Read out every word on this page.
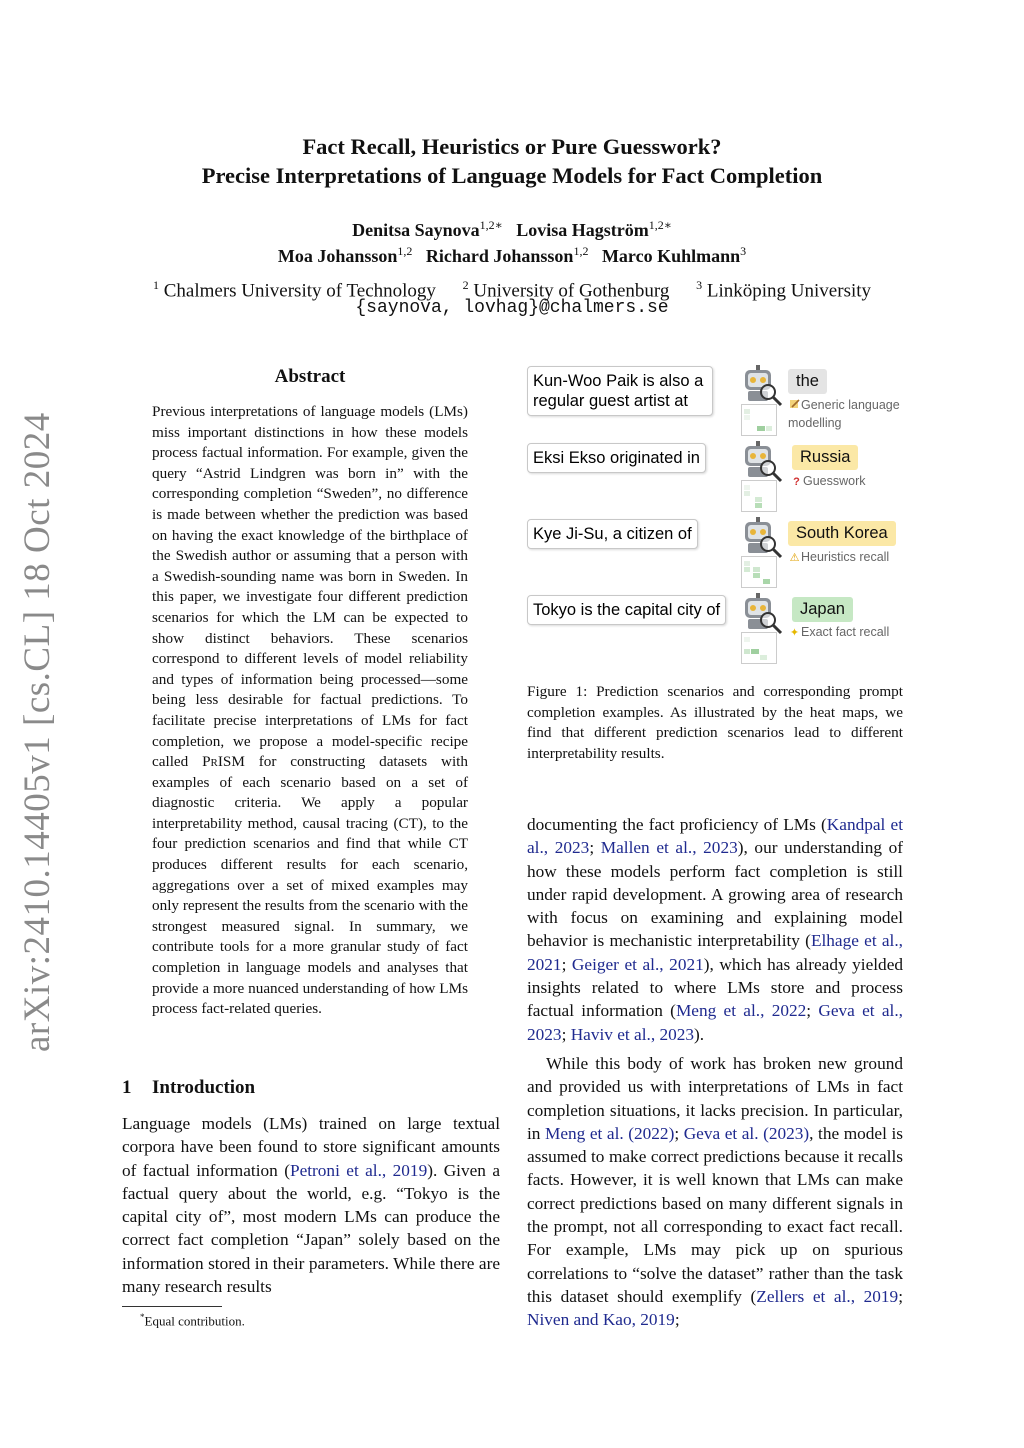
Fact Recall, Heuristics or Pure Guesswork?
Precise Interpretations of Language Models for Fact Completion
Denitsa Saynova$^{1,2∗}$ Lovisa Hagström$^{1,2∗}$
Moa Johansson$^{1,2}$ Richard Johansson$^{1,2}$ Marco Kuhlmann$^3$
$^1$ Chalmers University of Technology $^2$ University of Gothenburg $^3$ Linköping University
{saynova, lovhag}@chalmers.se
arXiv:2410.14405v1 [cs.CL] 18 Oct 2024
Abstract
Previous interpretations of language models (LMs) miss important distinctions in how these models process factual information. For example, given the query “Astrid Lindgren was born in” with the corresponding completion “Sweden”, no difference is made between whether the prediction was based on having the exact knowledge of the birthplace of the Swedish author or assuming that a person with a Swedish-sounding name was born in Sweden. In this paper, we investigate four different prediction scenarios for which the LM can be expected to show distinct behaviors. These scenarios correspond to different levels of model reliability and types of information being processed—some being less desirable for factual predictions. To facilitate precise interpretations of LMs for fact completion, we propose a model-specific recipe called PrISM for constructing datasets with examples of each scenario based on a set of diagnostic criteria. We apply a popular interpretability method, causal tracing (CT), to the four prediction scenarios and find that while CT produces different results for each scenario, aggregations over a set of mixed examples may only represent the results from the scenario with the strongest measured signal. In summary, we contribute tools for a more granular study of fact completion in language models and analyses that provide a more nuanced understanding of how LMs process fact-related queries.
1 Introduction
Language models (LMs) trained on large textual corpora have been found to store significant amounts of factual information (Petroni et al., 2019). Given a factual query about the world, e.g. “Tokyo is the capital city of”, most modern LMs can produce the correct fact completion “Japan” solely based on the information stored in their parameters. While there are many research results
*Equal contribution.
Kun-Woo Paik is also a
regular guest artist at
Eksi Ekso originated in
Kye Ji-Su, a citizen of
Tokyo is the capital city of
the
Russia
South Korea
Japan
Generic language
modelling
? Guesswork
⚠ Heuristics recall
✦ Exact fact recall
Figure 1: Prediction scenarios and corresponding prompt completion examples. As illustrated by the heat maps, we find that different prediction scenarios lead to different interpretability results.
documenting the fact proficiency of LMs (Kandpal et al., 2023; Mallen et al., 2023), our understanding of how these models perform fact completion is still under rapid development. A growing area of research with focus on examining and explaining model behavior is mechanistic interpretability (Elhage et al., 2021; Geiger et al., 2021), which has already yielded insights related to where LMs store and process factual information (Meng et al., 2022; Geva et al., 2023; Haviv et al., 2023).
While this body of work has broken new ground and provided us with interpretations of LMs in fact completion situations, it lacks precision. In particular, in Meng et al. (2022); Geva et al. (2023), the model is assumed to make correct predictions because it recalls facts. However, it is well known that LMs can make correct predictions based on many different signals in the prompt, not all corresponding to exact fact recall. For example, LMs may pick up on spurious correlations to “solve the dataset” rather than the task this dataset should exemplify (Zellers et al., 2019; Niven and Kao, 2019;
